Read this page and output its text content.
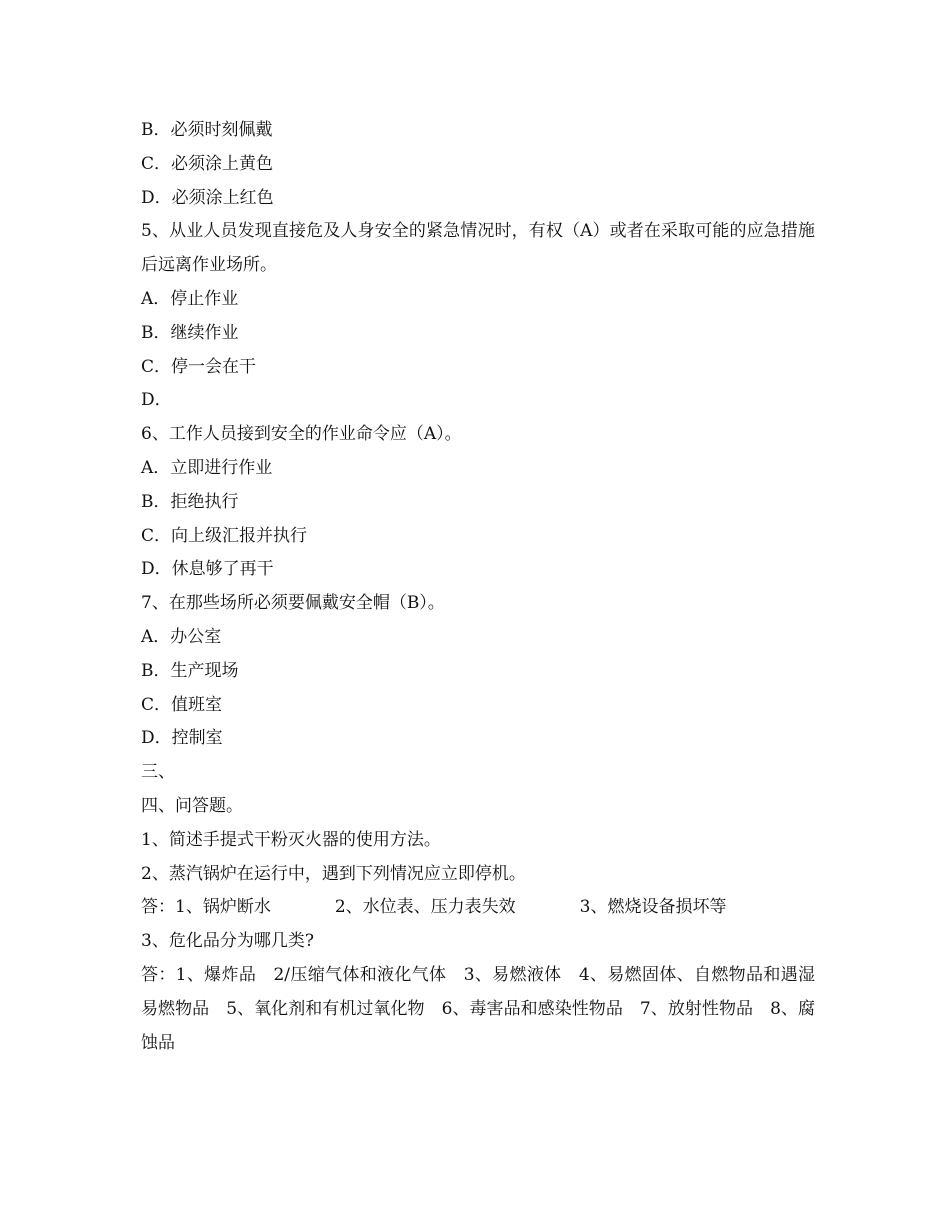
B．必须时刻佩戴
C．必须涂上黄色
D．必须涂上红色
5、从业人员发现直接危及人身安全的紧急情况时，有权（A）或者在采取可能的应急措施后远离作业场所。
A．停止作业
B．继续作业
C．停一会在干
D．
6、工作人员接到安全的作业命令应（A）。
A．立即进行作业
B．拒绝执行
C．向上级汇报并执行
D．休息够了再干
7、在那些场所必须要佩戴安全帽（B）。
A．办公室
B．生产现场
C．值班室
D．控制室
三、
四、问答题。
1、简述手提式干粉灭火器的使用方法。
2、蒸汽锅炉在运行中，遇到下列情况应立即停机。
答：1、锅炉断水	2、水位表、压力表失效	3、燃烧设备损坏等
3、危化品分为哪几类?
答：1、爆炸品　2/压缩气体和液化气体　3、易燃液体　4、易燃固体、自燃物品和遇湿易燃物品　5、氧化剂和有机过氧化物　6、毒害品和感染性物品　7、放射性物品　8、腐蚀品
